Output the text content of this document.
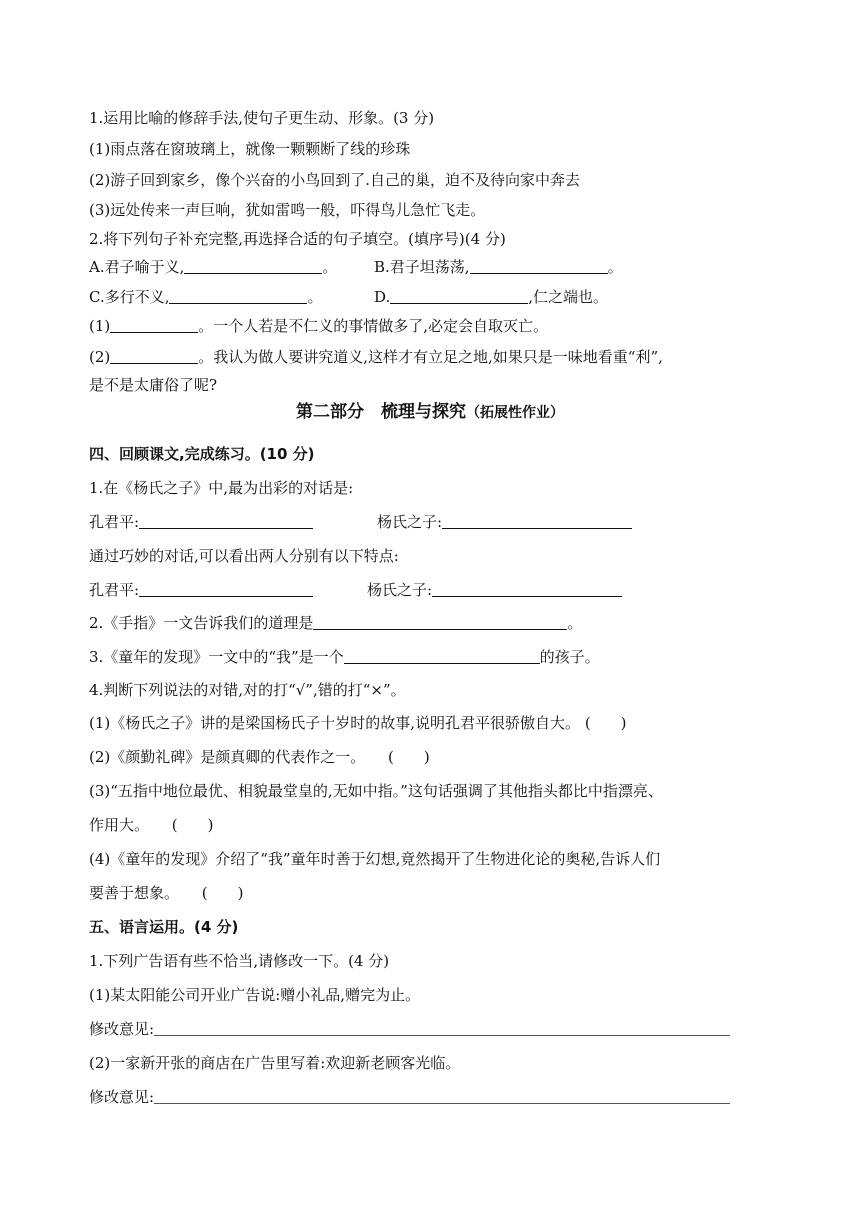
1.运用比喻的修辞手法,使句子更生动、形象。(3 分)
(1)雨点落在窗玻璃上，就像一颗颗断了线的珍珠
(2)游子回到家乡，像个兴奋的小鸟回到了.自己的巢，迫不及待向家中奔去
(3)远处传来一声巨响，犹如雷鸣一般，吓得鸟儿急忙飞走。
2.将下列句子补充完整,再选择合适的句子填空。(填序号)(4 分)
A.君子喻于义,	。 B.君子坦荡荡,	。
C.多行不义,	。	D.	,仁之端也。
(1)	。一个人若是不仁义的事情做多了,必定会自取灭亡。
(2)	。我认为做人要讲究道义,这样才有立足之地,如果只是一味地看重“利”,
是不是太庸俗了呢?
第二部分　梳理与探究（拓展性作业）
四、回顾课文,完成练习。(10 分)
1.在《杨氏之子》中,最为出彩的对话是:
孔君平:	杨氏之子:
通过巧妙的对话,可以看出两人分别有以下特点:
孔君平:	杨氏之子:
2.《手指》一文告诉我们的道理是	。
3.《童年的发现》一文中的“我”是一个	的孩子。
4.判断下列说法的对错,对的打“√”,错的打“×”。
(1)《杨氏之子》讲的是梁国杨氏子十岁时的故事,说明孔君平很骄傲自大。 (　　)
(2)《颜勤礼碑》是颜真卿的代表作之一。 (　　)
(3)“五指中地位最优、相貌最堂皇的,无如中指。”这句话强调了其他指头都比中指漂亮、
作用大。 (　　)
(4)《童年的发现》介绍了“我”童年时善于幻想,竟然揭开了生物进化论的奥秘,告诉人们
要善于想象。 (　　)
五、语言运用。(4 分)
1.下列广告语有些不恰当,请修改一下。(4 分)
(1)某太阳能公司开业广告说:赠小礼品,赠完为止。
修改意见:
(2)一家新开张的商店在广告里写着:欢迎新老顾客光临。
修改意见:
